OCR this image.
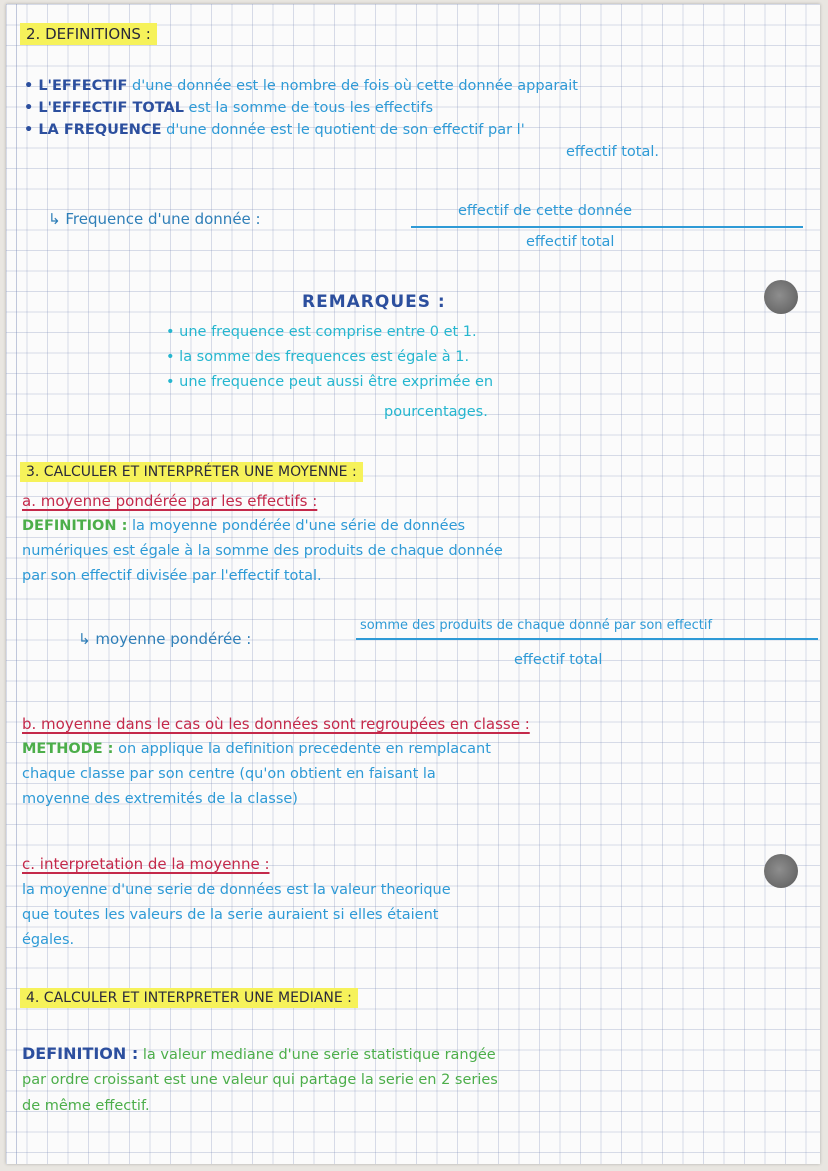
2. DEFINITIONS :
• L'EFFECTIF d'une donnée est le nombre de fois où cette donnée apparait
• L'EFFECTIF TOTAL est la somme de tous les effectifs
• LA FREQUENCE d'une donnée est le quotient de son effectif par l'
effectif total.
↳ Frequence d'une donnée :	effectif de cette donnée
effectif total
REMARQUES :
• une frequence est comprise entre 0 et 1.
• la somme des frequences est égale à 1.
• une frequence peut aussi être exprimée en
pourcentages.
3. CALCULER ET INTERPRÉTER UNE MOYENNE :
a. moyenne pondérée par les effectifs :
DEFINITION : la moyenne pondérée d'une série de données
numériques est égale à la somme des produits de chaque donnée
par son effectif divisée par l'effectif total.
↳ moyenne pondérée :
somme des produits de chaque donné par son effectif
effectif total
b. moyenne dans le cas où les données sont regroupées en classe :
METHODE : on applique la definition precedente en remplacant
chaque classe par son centre (qu'on obtient en faisant la
moyenne des extremités de la classe)
c. interpretation de la moyenne :
la moyenne d'une serie de données est la valeur theorique
que toutes les valeurs de la serie auraient si elles étaient
égales.
4. CALCULER ET INTERPRETER UNE MEDIANE :
DEFINITION : la valeur mediane d'une serie statistique rangée
par ordre croissant est une valeur qui partage la serie en 2 series
de même effectif.
